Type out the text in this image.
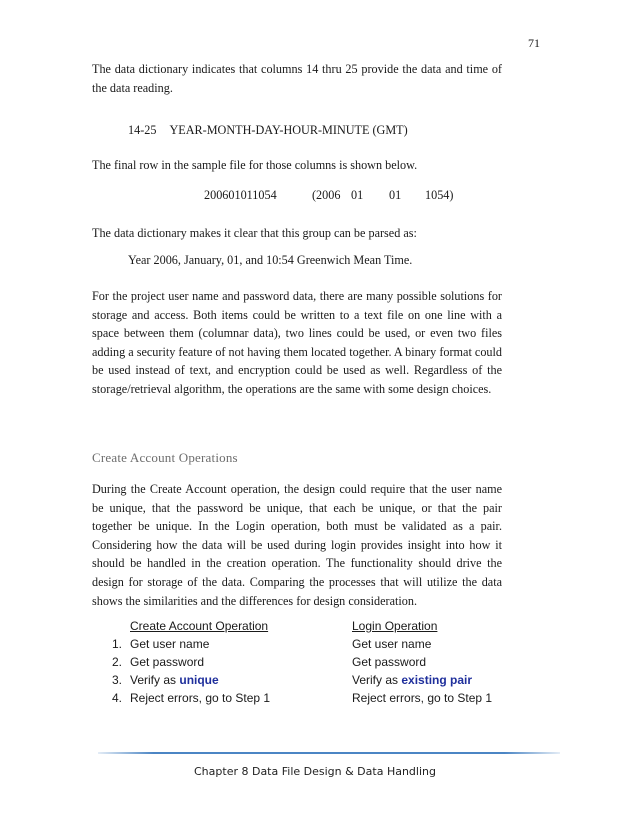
71

The data dictionary indicates that columns 14 thru 25 provide the data and time of the data reading.

14-25 YEAR-MONTH-DAY-HOUR-MINUTE (GMT)

The final row in the sample file for those columns is shown below.

200601011054	(2006 01 01 1054)

The data dictionary makes it clear that this group can be parsed as:

Year 2006, January, 01, and 10:54 Greenwich Mean Time.

For the project user name and password data, there are many possible solutions for storage and access. Both items could be written to a text file on one line with a space between them (columnar data), two lines could be used, or even two files adding a security feature of not having them located together. A binary format could be used instead of text, and encryption could be used as well. Regardless of the storage/retrieval algorithm, the operations are the same with some design choices.

Create Account Operations

During the Create Account operation, the design could require that the user name be unique, that the password be unique, that each be unique, or that the pair together be unique. In the Login operation, both must be validated as a pair. Considering how the data will be used during login provides insight into how it should be handled in the creation operation. The functionality should drive the design for storage of the data. Comparing the processes that will utilize the data shows the similarities and the differences for design consideration.

Create Account Operation	Login Operation
1. Get user name	Get user name
2. Get password	Get password
3. Verify as unique	Verify as existing pair
4. Reject errors, go to Step 1	Reject errors, go to Step 1
Chapter 8 Data File Design & Data Handling
